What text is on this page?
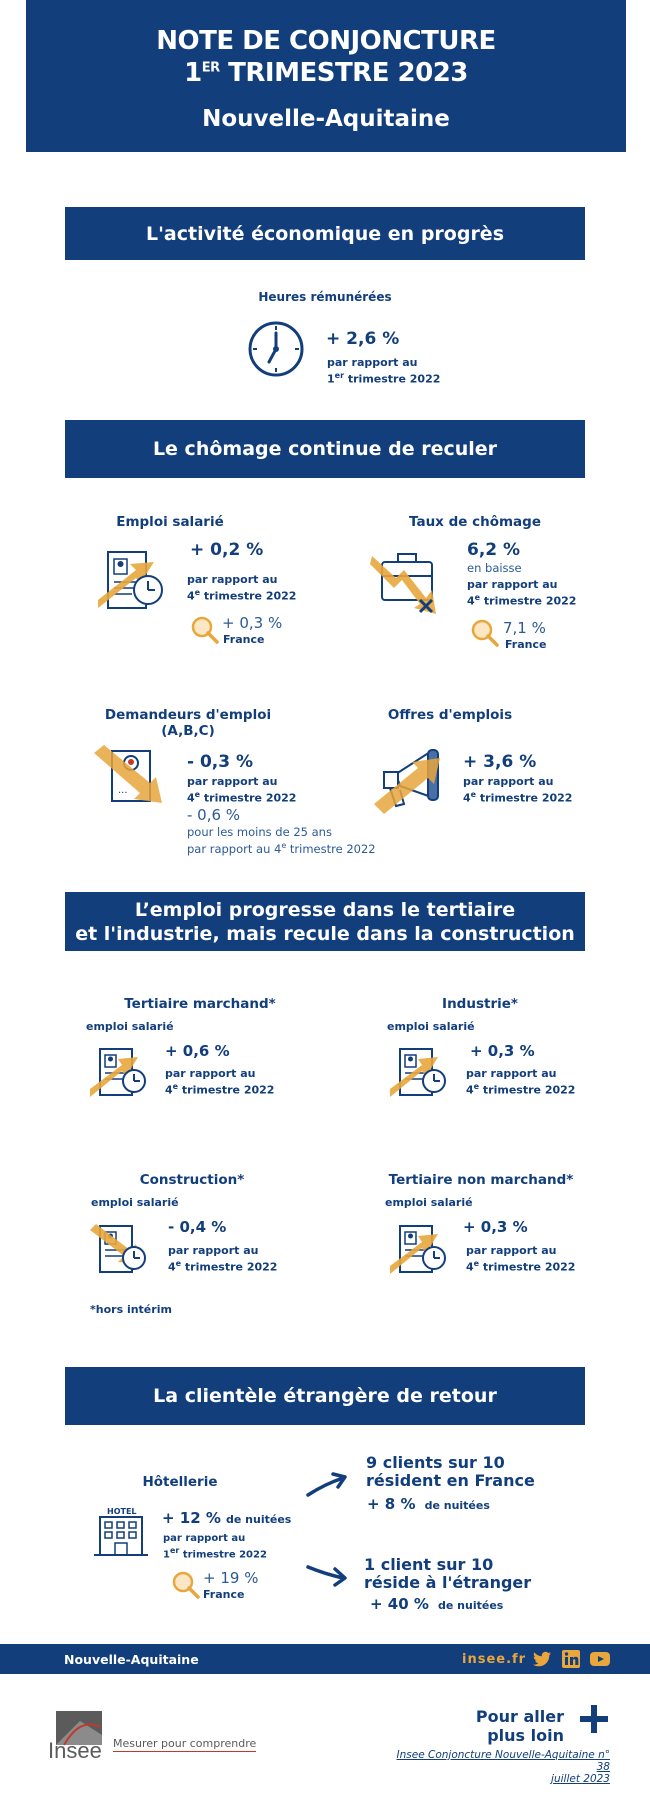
NOTE DE CONJONCTURE
1ER TRIMESTRE 2023
Nouvelle-Aquitaine
L'activité économique en progrès
Heures rémunérées
+ 2,6 %
par rapport au
1er trimestre 2022
Le chômage continue de reculer
Emploi salarié
+ 0,2 %
par rapport au
4e trimestre 2022
+ 0,3 %
France
Taux de chômage
6,2 %
en baisse
par rapport au
4e trimestre 2022
7,1 %
France
Demandeurs d'emploi
(A,B,C)
...
- 0,3 %
par rapport au
4e trimestre 2022
- 0,6 %
pour les moins de 25 ans
par rapport au 4e trimestre 2022
Offres d'emplois
+ 3,6 %
par rapport au
4e trimestre 2022
L’emploi progresse dans le tertiaire
et l'industrie, mais recule dans la construction
Tertiaire marchand*
emploi salarié
+ 0,6 %
par rapport au
4e trimestre 2022
Industrie*
emploi salarié
+ 0,3 %
par rapport au
4e trimestre 2022
Construction*
emploi salarié
- 0,4 %
par rapport au
4e trimestre 2022
Tertiaire non marchand*
emploi salarié
+ 0,3 %
par rapport au
4e trimestre 2022
*hors intérim
La clientèle étrangère de retour
Hôtellerie
HOTEL + 12 % de nuitées
par rapport au
1er trimestre 2022
+ 19 %
France
9 clients sur 10
résident en France
+ 8 % de nuitées
1 client sur 10
réside à l'étranger
+ 40 % de nuitées
Nouvelle-Aquitaine	insee.fr
Insee Mesurer pour comprendre
Pour aller
plus loin
Insee Conjoncture Nouvelle-Aquitaine n° 38
juillet 2023
